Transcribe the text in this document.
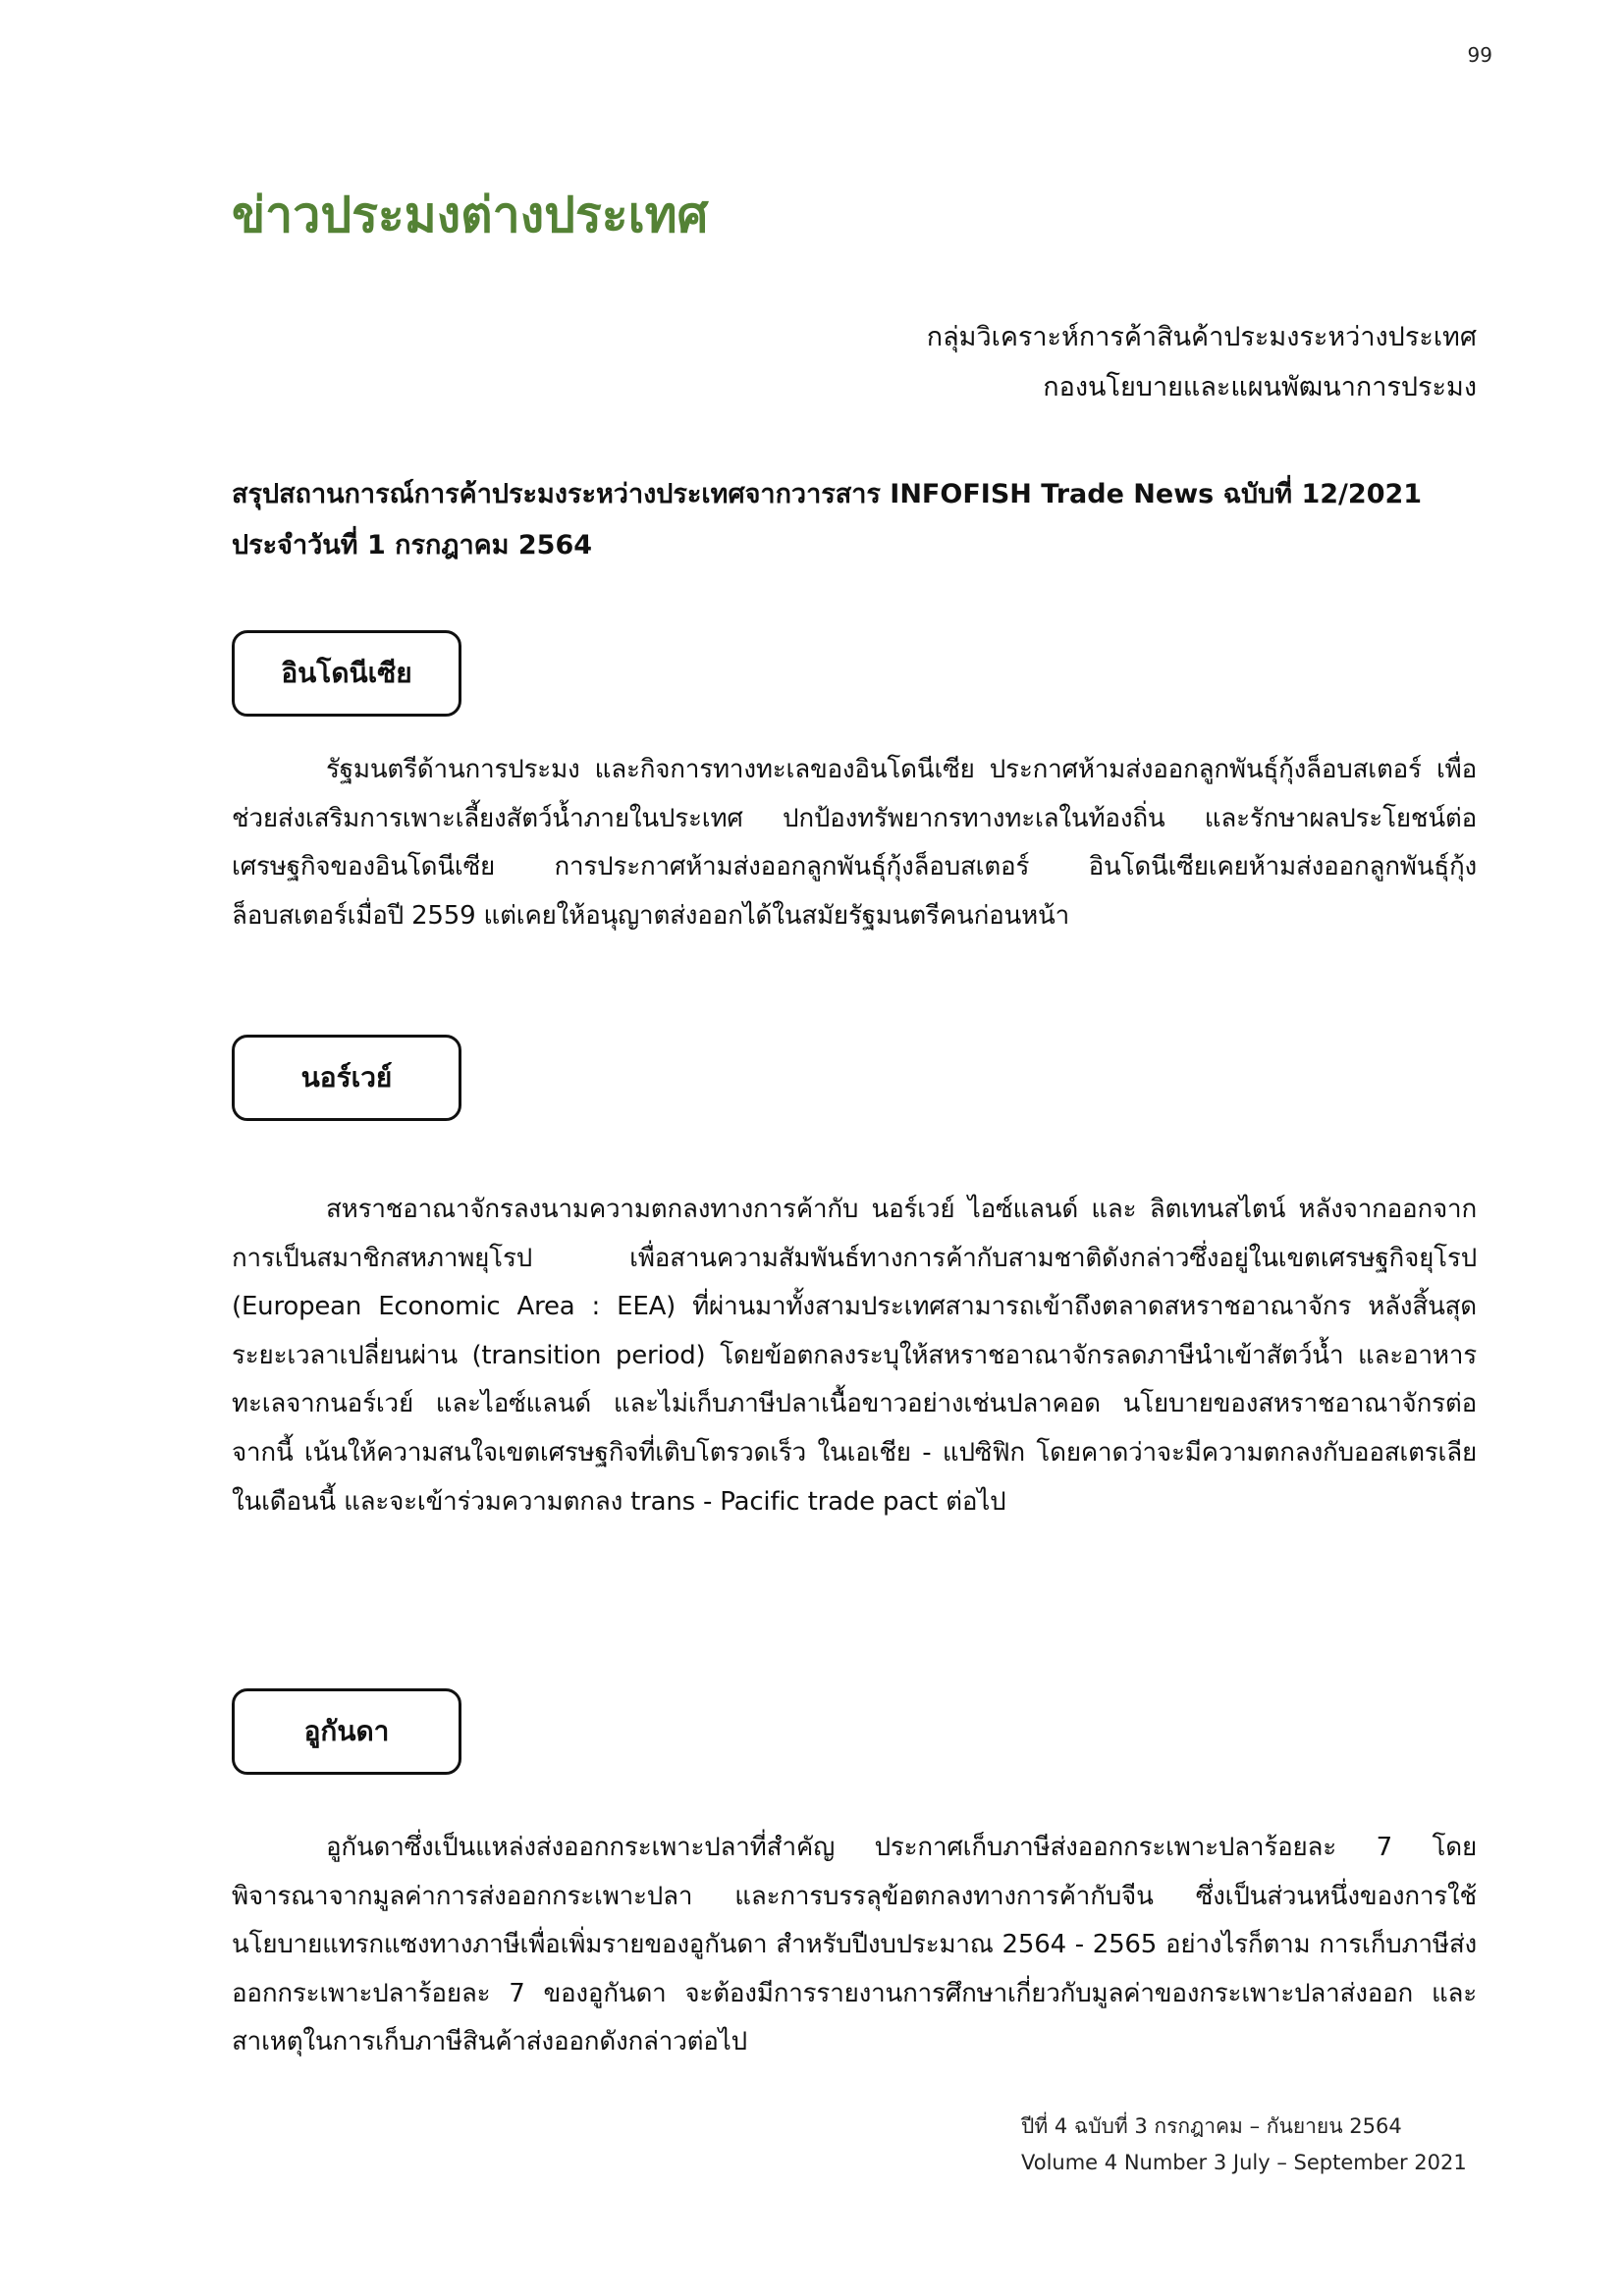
99
ข่าวประมงต่างประเทศ
กลุ่มวิเคราะห์การค้าสินค้าประมงระหว่างประเทศ
กองนโยบายและแผนพัฒนาการประมง
สรุปสถานการณ์การค้าประมงระหว่างประเทศจากวารสาร INFOFISH Trade News ฉบับที่ 12/2021
ประจำวันที่ 1 กรกฎาคม 2564
อินโดนีเซีย

รัฐมนตรีด้านการประมง และกิจการทางทะเลของอินโดนีเซีย ประกาศห้ามส่งออกลูกพันธุ์กุ้งล็อบสเตอร์ เพื่อช่วยส่งเสริมการเพาะเลี้ยงสัตว์น้ำภายในประเทศ ปกป้องทรัพยากรทางทะเลในท้องถิ่น และรักษาผลประโยชน์ต่อเศรษฐกิจของอินโดนีเซีย การประกาศห้ามส่งออกลูกพันธุ์กุ้งล็อบสเตอร์ อินโดนีเซียเคยห้ามส่งออกลูกพันธุ์กุ้งล็อบสเตอร์เมื่อปี 2559 แต่เคยให้อนุญาตส่งออกได้ในสมัยรัฐมนตรีคนก่อนหน้า

นอร์เวย์

สหราชอาณาจักรลงนามความตกลงทางการค้ากับ นอร์เวย์ ไอซ์แลนด์ และ ลิตเทนสไตน์ หลังจากออกจากการเป็นสมาชิกสหภาพยุโรป เพื่อสานความสัมพันธ์ทางการค้ากับสามชาติดังกล่าวซึ่งอยู่ในเขตเศรษฐกิจยุโรป (European Economic Area : EEA) ที่ผ่านมาทั้งสามประเทศสามารถเข้าถึงตลาดสหราชอาณาจักร หลังสิ้นสุดระยะเวลาเปลี่ยนผ่าน (transition period) โดยข้อตกลงระบุให้สหราชอาณาจักรลดภาษีนำเข้าสัตว์น้ำ และอาหารทะเลจากนอร์เวย์ และไอซ์แลนด์ และไม่เก็บภาษีปลาเนื้อขาวอย่างเช่นปลาคอด นโยบายของสหราชอาณาจักรต่อจากนี้ เน้นให้ความสนใจเขตเศรษฐกิจที่เติบโตรวดเร็ว ในเอเชีย - แปซิฟิก โดยคาดว่าจะมีความตกลงกับออสเตรเลียในเดือนนี้ และจะเข้าร่วมความตกลง trans - Pacific trade pact ต่อไป

อูกันดา

อูกันดาซึ่งเป็นแหล่งส่งออกกระเพาะปลาที่สำคัญ ประกาศเก็บภาษีส่งออกกระเพาะปลาร้อยละ 7 โดยพิจารณาจากมูลค่าการส่งออกกระเพาะปลา และการบรรลุข้อตกลงทางการค้ากับจีน ซึ่งเป็นส่วนหนึ่งของการใช้นโยบายแทรกแซงทางภาษีเพื่อเพิ่มรายของอูกันดา สำหรับปีงบประมาณ 2564 - 2565 อย่างไรก็ตาม การเก็บภาษีส่งออกกระเพาะปลาร้อยละ 7 ของอูกันดา จะต้องมีการรายงานการศึกษาเกี่ยวกับมูลค่าของกระเพาะปลาส่งออก และสาเหตุในการเก็บภาษีสินค้าส่งออกดังกล่าวต่อไป

ปีที่ 4 ฉบับที่ 3 กรกฎาคม – กันยายน 2564
Volume 4 Number 3 July – September 2021
